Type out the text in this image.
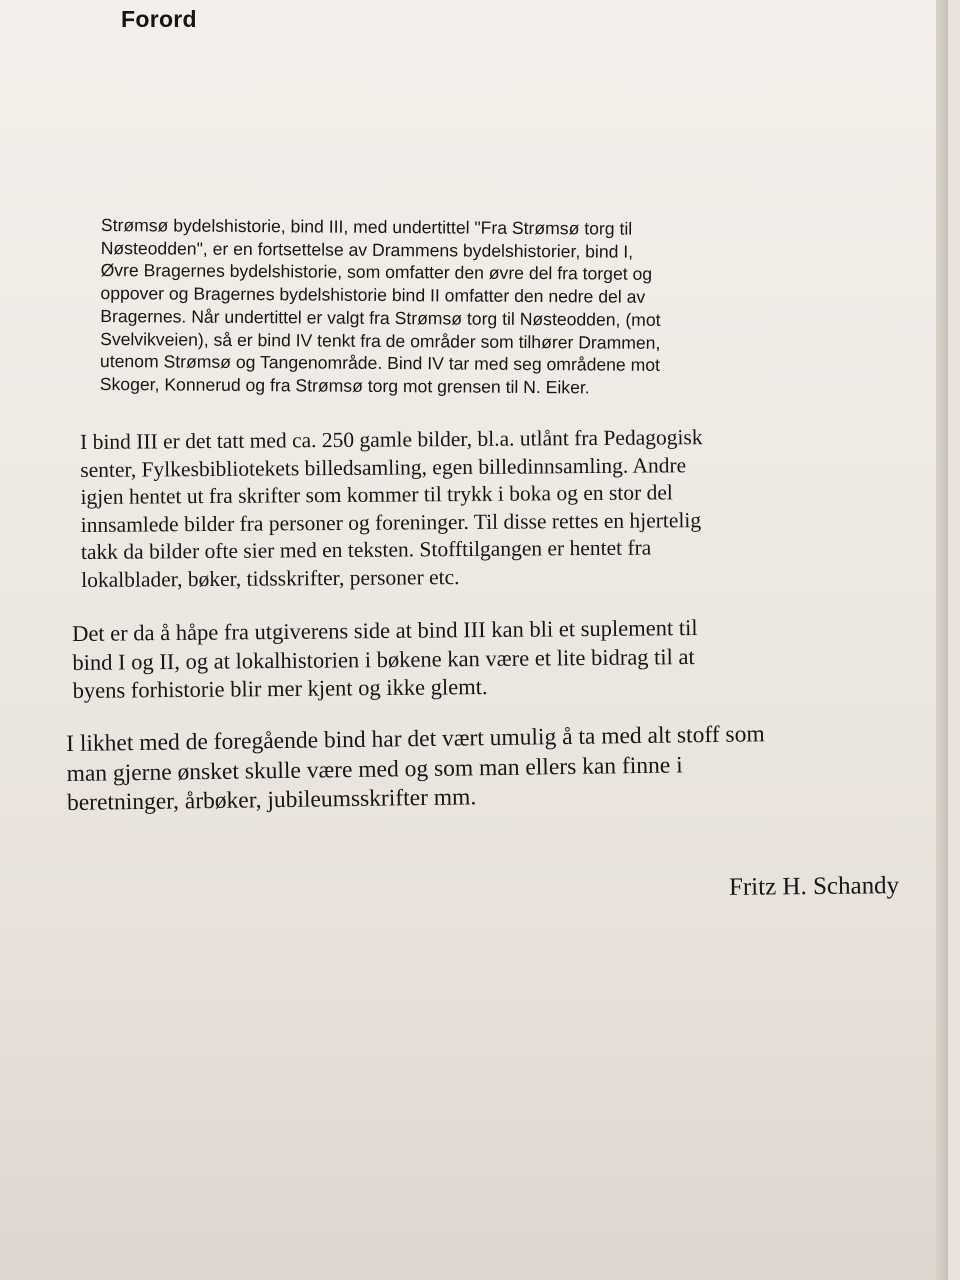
Forord
Strømsø bydelshistorie, bind III, med undertittel "Fra Strømsø torg til
Nøsteodden", er en fortsettelse av Drammens bydelshistorier, bind I,
Øvre Bragernes bydelshistorie, som omfatter den øvre del fra torget og
oppover og Bragernes bydelshistorie bind II omfatter den nedre del av
Bragernes. Når undertittel er valgt fra Strømsø torg til Nøsteodden, (mot
Svelvikveien), så er bind IV tenkt fra de områder som tilhører Drammen,
utenom Strømsø og Tangenområde. Bind IV tar med seg områdene mot
Skoger, Konnerud og fra Strømsø torg mot grensen til N. Eiker.
I bind III er det tatt med ca. 250 gamle bilder, bl.a. utlånt fra Pedagogisk
senter, Fylkesbibliotekets billedsamling, egen billedinnsamling. Andre
igjen hentet ut fra skrifter som kommer til trykk i boka og en stor del
innsamlede bilder fra personer og foreninger. Til disse rettes en hjertelig
takk da bilder ofte sier med en teksten. Stofftilgangen er hentet fra
lokalblader, bøker, tidsskrifter, personer etc.
Det er da å håpe fra utgiverens side at bind III kan bli et suplement til
bind I og II, og at lokalhistorien i bøkene kan være et lite bidrag til at
byens forhistorie blir mer kjent og ikke glemt.
I likhet med de foregående bind har det vært umulig å ta med alt stoff som
man gjerne ønsket skulle være med og som man ellers kan finne i
beretninger, årbøker, jubileumsskrifter mm.
Fritz H. Schandy
